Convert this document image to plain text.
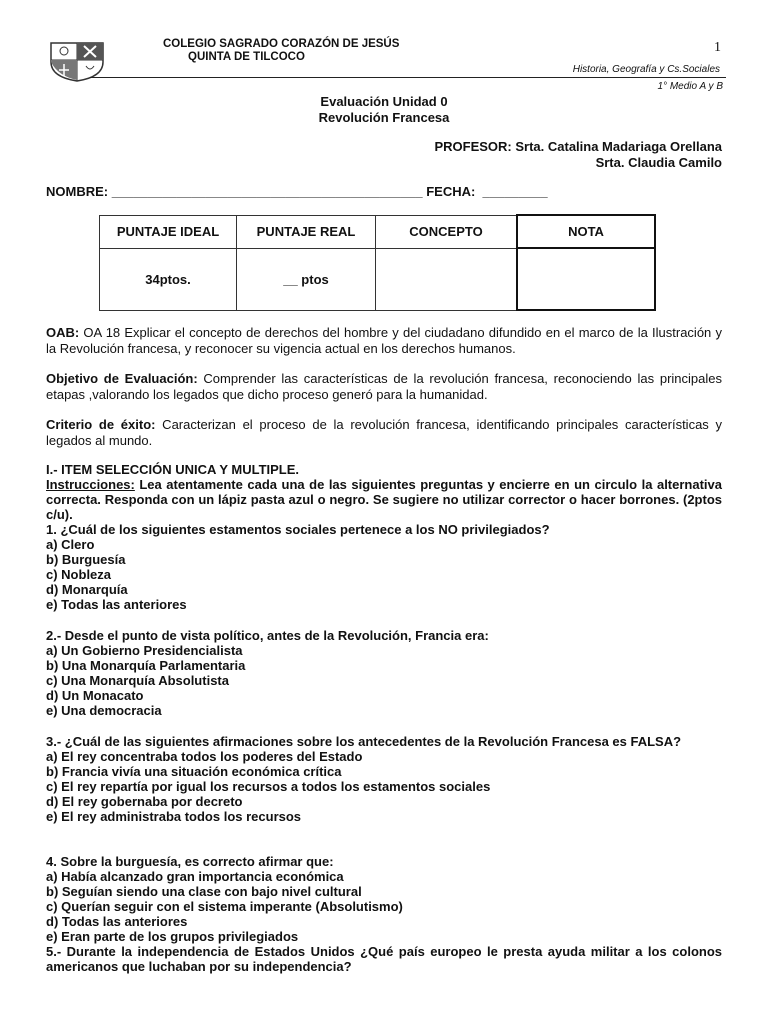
COLEGIO SAGRADO CORAZÓN DE JESÚS
QUINTA DE TILCOCO
1
Historia, Geografía y Cs.Sociales
1° Medio A y B
Evaluación Unidad 0
Revolución Francesa
PROFESOR: Srta. Catalina Madariaga Orellana
Srta. Claudia Camilo
NOMBRE: ___________________________________________ FECHA:  _________
PUNTAJE IDEAL	PUNTAJE REAL	CONCEPTO	NOTA
34ptos.	__ ptos		
OAB: OA 18 Explicar el concepto de derechos del hombre y del ciudadano difundido en el marco de la Ilustración y la Revolución francesa, y reconocer su vigencia actual en los derechos humanos.
Objetivo de Evaluación: Comprender las características de la revolución francesa, reconociendo las principales etapas ,valorando los legados que dicho proceso generó para la humanidad.
Criterio de éxito: Caracterizan el proceso de la revolución francesa, identificando principales características y legados al mundo.
I.- ITEM SELECCIÓN UNICA Y MULTIPLE.
Instrucciones: Lea atentamente cada una de las siguientes preguntas y encierre en un circulo la alternativa correcta. Responda con un lápiz pasta azul o negro. Se sugiere no utilizar corrector o hacer borrones. (2ptos c/u).
1. ¿Cuál de los siguientes estamentos sociales pertenece a los NO privilegiados?
a) Clero
b) Burguesía
c) Nobleza
d) Monarquía
e) Todas las anteriores
2.- Desde el punto de vista político, antes de la Revolución, Francia era:
a) Un Gobierno Presidencialista
b) Una Monarquía Parlamentaria
c) Una Monarquía Absolutista
d) Un Monacato
e) Una democracia
3.- ¿Cuál de las siguientes afirmaciones sobre los antecedentes de la Revolución Francesa es FALSA?
a) El rey concentraba todos los poderes del Estado
b) Francia vivía una situación económica crítica
c) El rey repartía por igual los recursos a todos los estamentos sociales
d) El rey gobernaba por decreto
e) El rey administraba todos los recursos
4. Sobre la burguesía, es correcto afirmar que:
a) Había alcanzado gran importancia económica
b) Seguían siendo una clase con bajo nivel cultural
c) Querían seguir con el sistema imperante (Absolutismo)
d) Todas las anteriores
e) Eran parte de los grupos privilegiados
5.- Durante la independencia de Estados Unidos ¿Qué país europeo le presta ayuda militar a los colonos americanos que luchaban por su independencia?
